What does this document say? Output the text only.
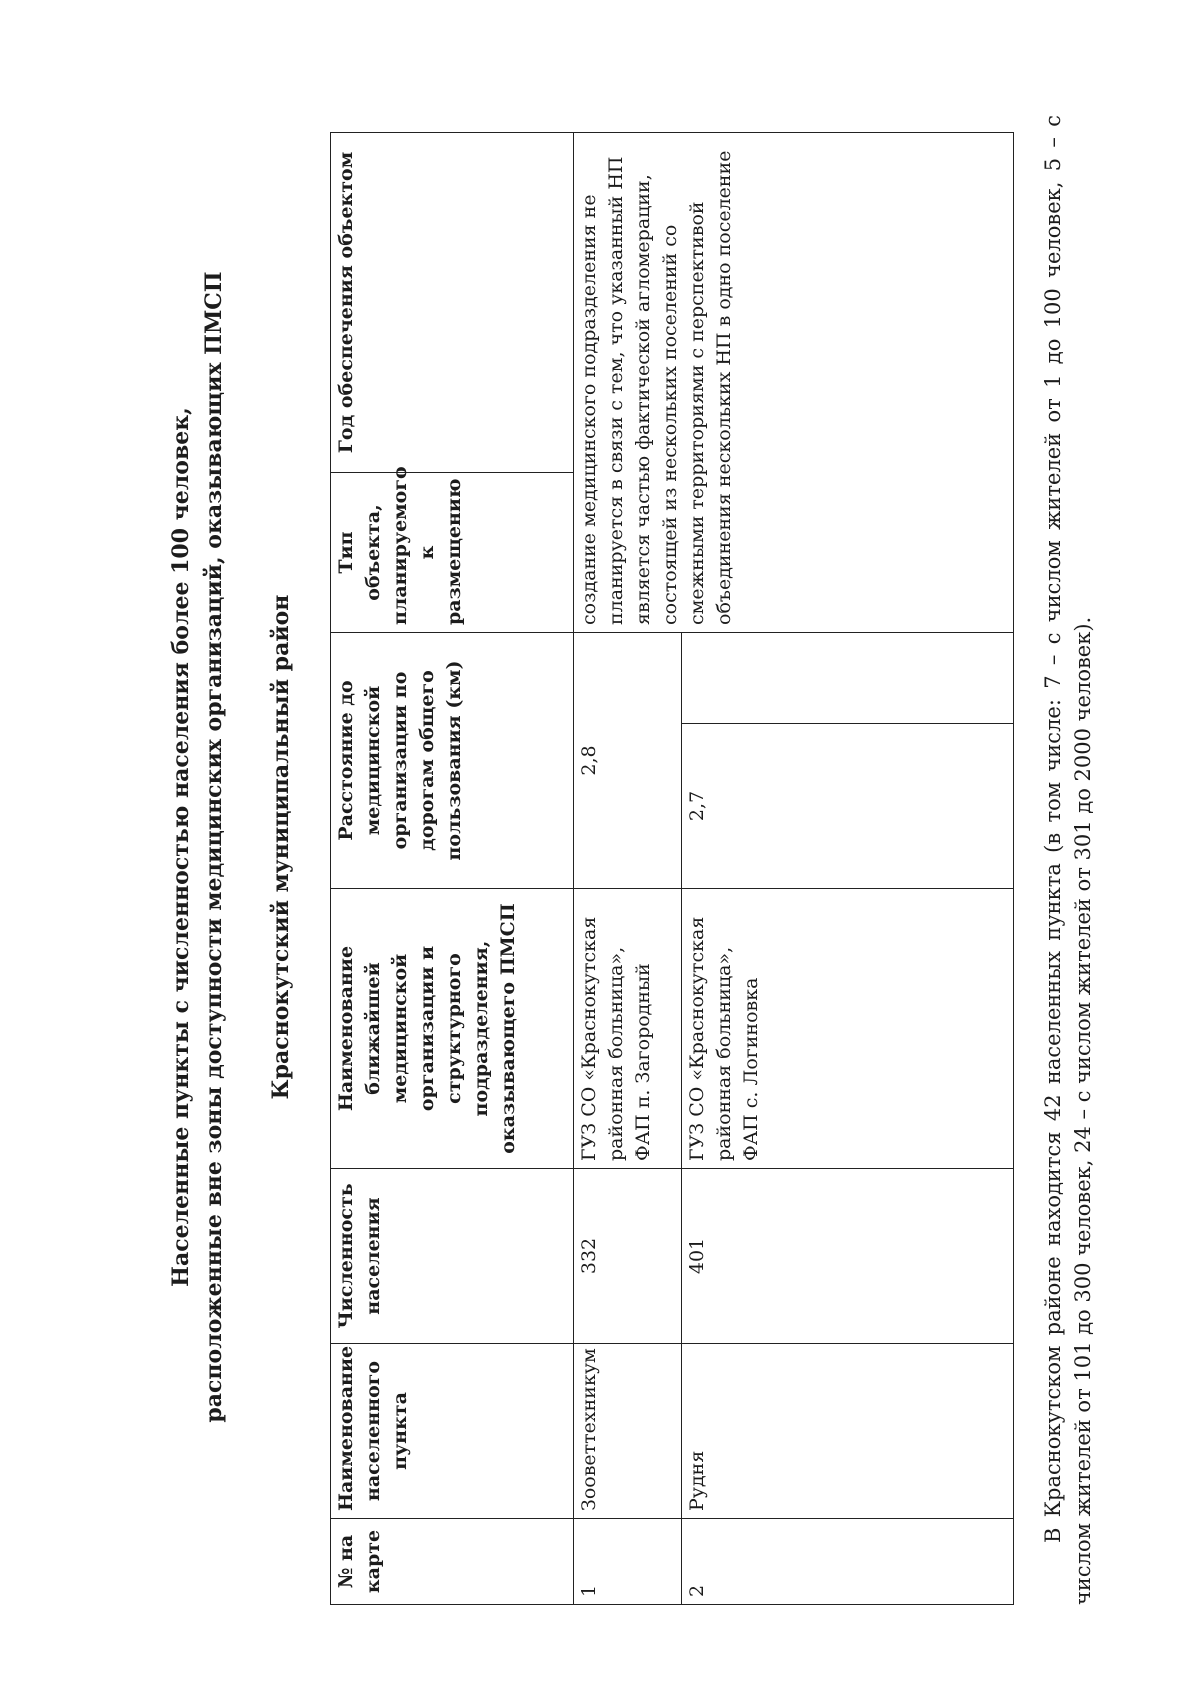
Населенные пункты с численностью населения более 100 человек, расположенные вне зоны доступности медицинских организаций, оказывающих ПМСП Краснокутский муниципальный район
№ на карте	Наименование населенного пункта	Численность населения	Наименование ближайшей медицинской организации и структурного подразделения, оказывающего ПМСП	Расстояние до медицинской организации по дорогам общего пользования (км)		Тип объекта, планируемого к размещению	Год обеспечения объектом
1	Зооветтехникум	332	ГУЗ СО «Краснокутская районная больница», ФАП п. Загородный	2,8		создание медицинского подразделения не планируется в связи с тем, что указанный НП является частью фактической агломерации, состоящей из нескольких поселений со смежными территориями с перспективой объединения нескольких НП в одно поселение	
2	Рудня	401	ГУЗ СО «Краснокутская районная больница», ФАП с. Логиновка	2,7				В Краснокутском районе находится 42 населенных пункта (в том числе: 7 – с числом жителей от 1 до 100 человек, 5 – с числом жителей от 101 до 300 человек, 24 – с числом жителей от 301 до 2000 человек).
